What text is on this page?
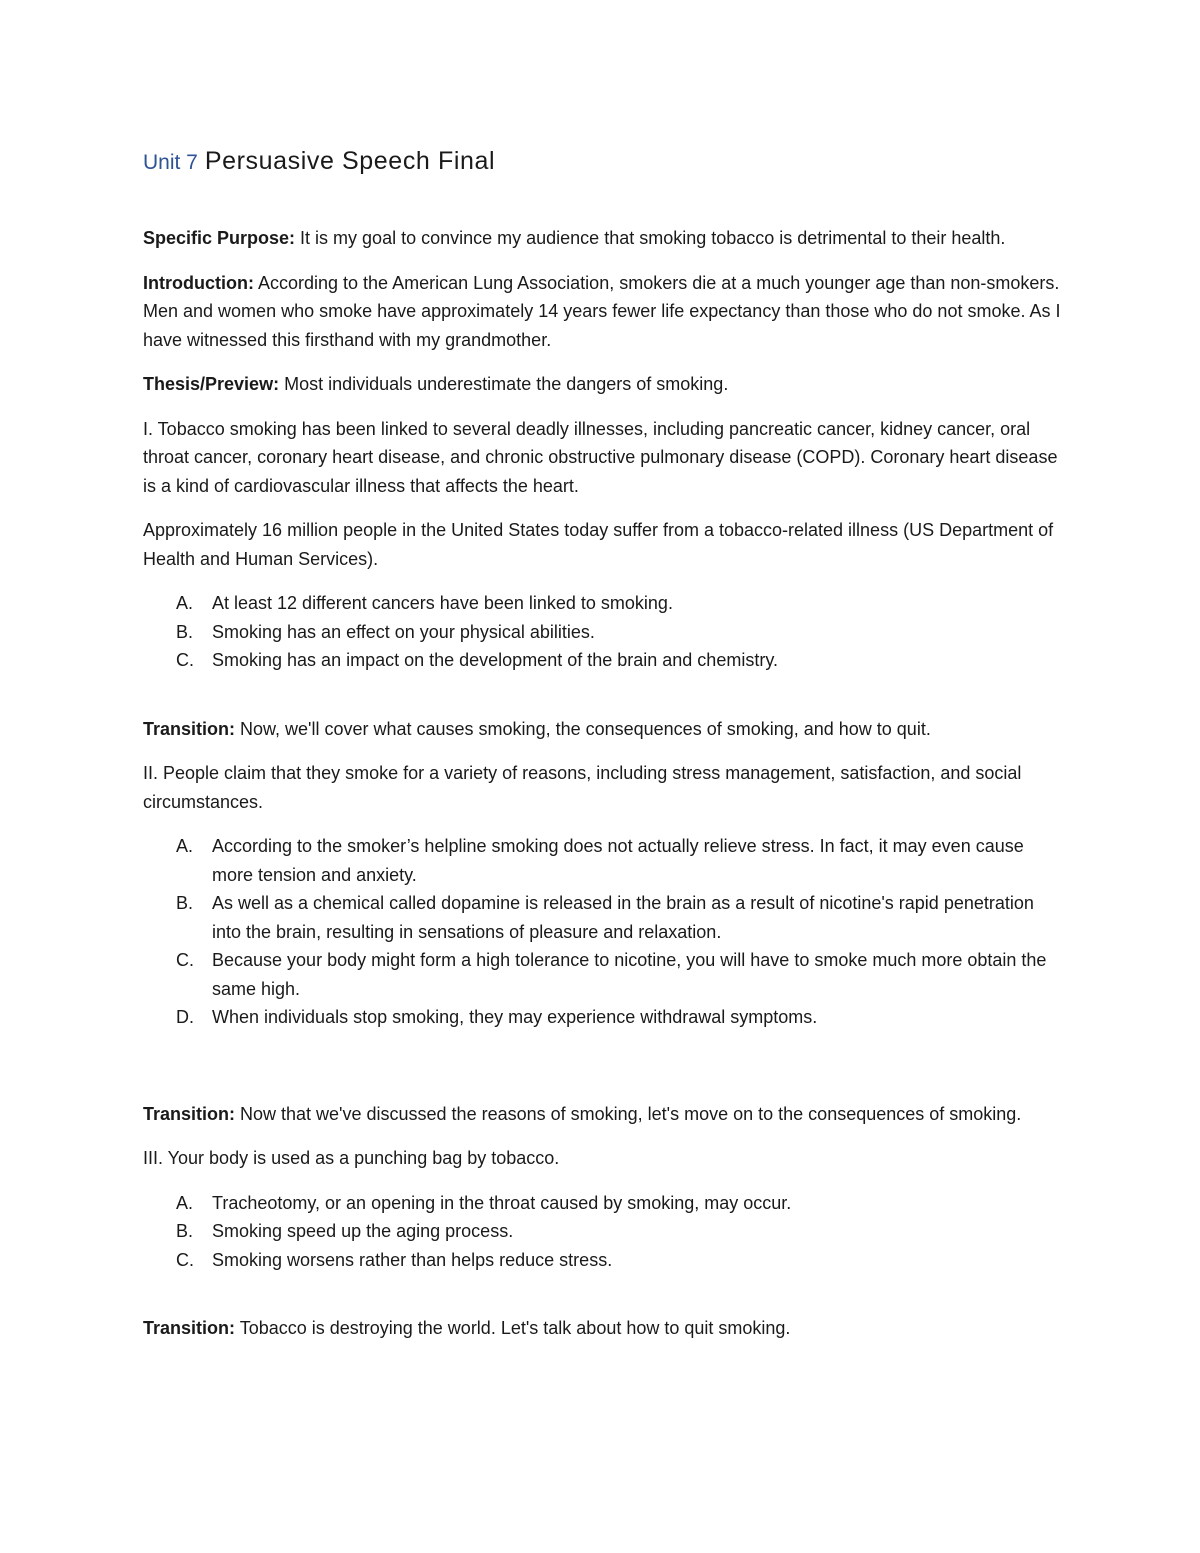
Unit 7 Persuasive Speech Final

Specific Purpose: It is my goal to convince my audience that smoking tobacco is detrimental to their health.

Introduction: According to the American Lung Association, smokers die at a much younger age than non-smokers. Men and women who smoke have approximately 14 years fewer life expectancy than those who do not smoke. As I have witnessed this firsthand with my grandmother.

Thesis/Preview: Most individuals underestimate the dangers of smoking.

I. Tobacco smoking has been linked to several deadly illnesses, including pancreatic cancer, kidney cancer, oral throat cancer, coronary heart disease, and chronic obstructive pulmonary disease (COPD). Coronary heart disease is a kind of cardiovascular illness that affects the heart.

Approximately 16 million people in the United States today suffer from a tobacco-related illness (US Department of Health and Human Services).

A. At least 12 different cancers have been linked to smoking.
B. Smoking has an effect on your physical abilities.
C. Smoking has an impact on the development of the brain and chemistry.

Transition: Now, we'll cover what causes smoking, the consequences of smoking, and how to quit.

II. People claim that they smoke for a variety of reasons, including stress management, satisfaction, and social circumstances.

A. According to the smoker’s helpline smoking does not actually relieve stress. In fact, it may even cause more tension and anxiety.
B. As well as a chemical called dopamine is released in the brain as a result of nicotine's rapid penetration into the brain, resulting in sensations of pleasure and relaxation.
C. Because your body might form a high tolerance to nicotine, you will have to smoke much more obtain the same high.
D. When individuals stop smoking, they may experience withdrawal symptoms.

Transition: Now that we've discussed the reasons of smoking, let's move on to the consequences of smoking.

III. Your body is used as a punching bag by tobacco.

A. Tracheotomy, or an opening in the throat caused by smoking, may occur.
B. Smoking speed up the aging process.
C. Smoking worsens rather than helps reduce stress.

Transition: Tobacco is destroying the world. Let's talk about how to quit smoking.
